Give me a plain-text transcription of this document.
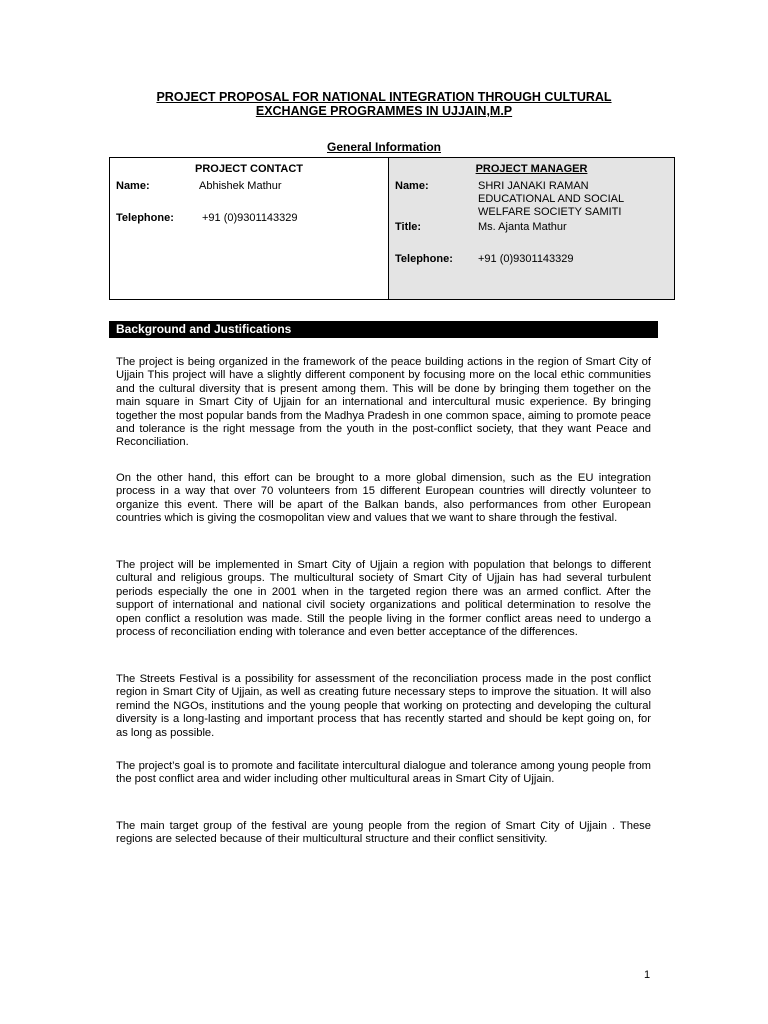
PROJECT PROPOSAL FOR NATIONAL INTEGRATION THROUGH CULTURAL
EXCHANGE PROGRAMMES IN UJJAIN,M.P
General Information
PROJECT CONTACT
Name:	Abhishek Mathur
Telephone:	+91 (0)9301143329
PROJECT MANAGER
Name:	SHRI JANAKI RAMAN
EDUCATIONAL AND SOCIAL
WELFARE SOCIETY SAMITI
Title:	Ms. Ajanta Mathur
Telephone: +91 (0)9301143329
Background and Justifications

The project is being organized in the framework of the peace building actions in the region of Smart City of Ujjain This project will have a slightly different component by focusing more on the local ethic communities and the cultural diversity that is present among them. This will be done by bringing them together on the main square in Smart City of Ujjain for an international and intercultural music experience. By bringing together the most popular bands from the Madhya Pradesh in one common space, aiming to promote peace and tolerance is the right message from the youth in the post-conflict society, that they want Peace and Reconciliation.

On the other hand, this effort can be brought to a more global dimension, such as the EU integration process in a way that over 70 volunteers from 15 different European countries will directly volunteer to organize this event. There will be apart of the Balkan bands, also performances from other European countries which is giving the cosmopolitan view and values that we want to share through the festival.

The project will be implemented in Smart City of Ujjain a region with population that belongs to different cultural and religious groups. The multicultural society of Smart City of Ujjain has had several turbulent periods especially the one in 2001 when in the targeted region there was an armed conflict. After the support of international and national civil society organizations and political determination to resolve the open conflict a resolution was made. Still the people living in the former conflict areas need to undergo a process of reconciliation ending with tolerance and even better acceptance of the differences.

The Streets Festival is a possibility for assessment of the reconciliation process made in the post conflict region in Smart City of Ujjain, as well as creating future necessary steps to improve the situation. It will also remind the NGOs, institutions and the young people that working on protecting and developing the cultural diversity is a long-lasting and important process that has recently started and should be kept going on, for as long as possible.

The project’s goal is to promote and facilitate intercultural dialogue and tolerance among young people from the post conflict area and wider including other multicultural areas in Smart City of Ujjain.

The main target group of the festival are young people from the region of Smart City of Ujjain . These regions are selected because of their multicultural structure and their conflict sensitivity.

1
